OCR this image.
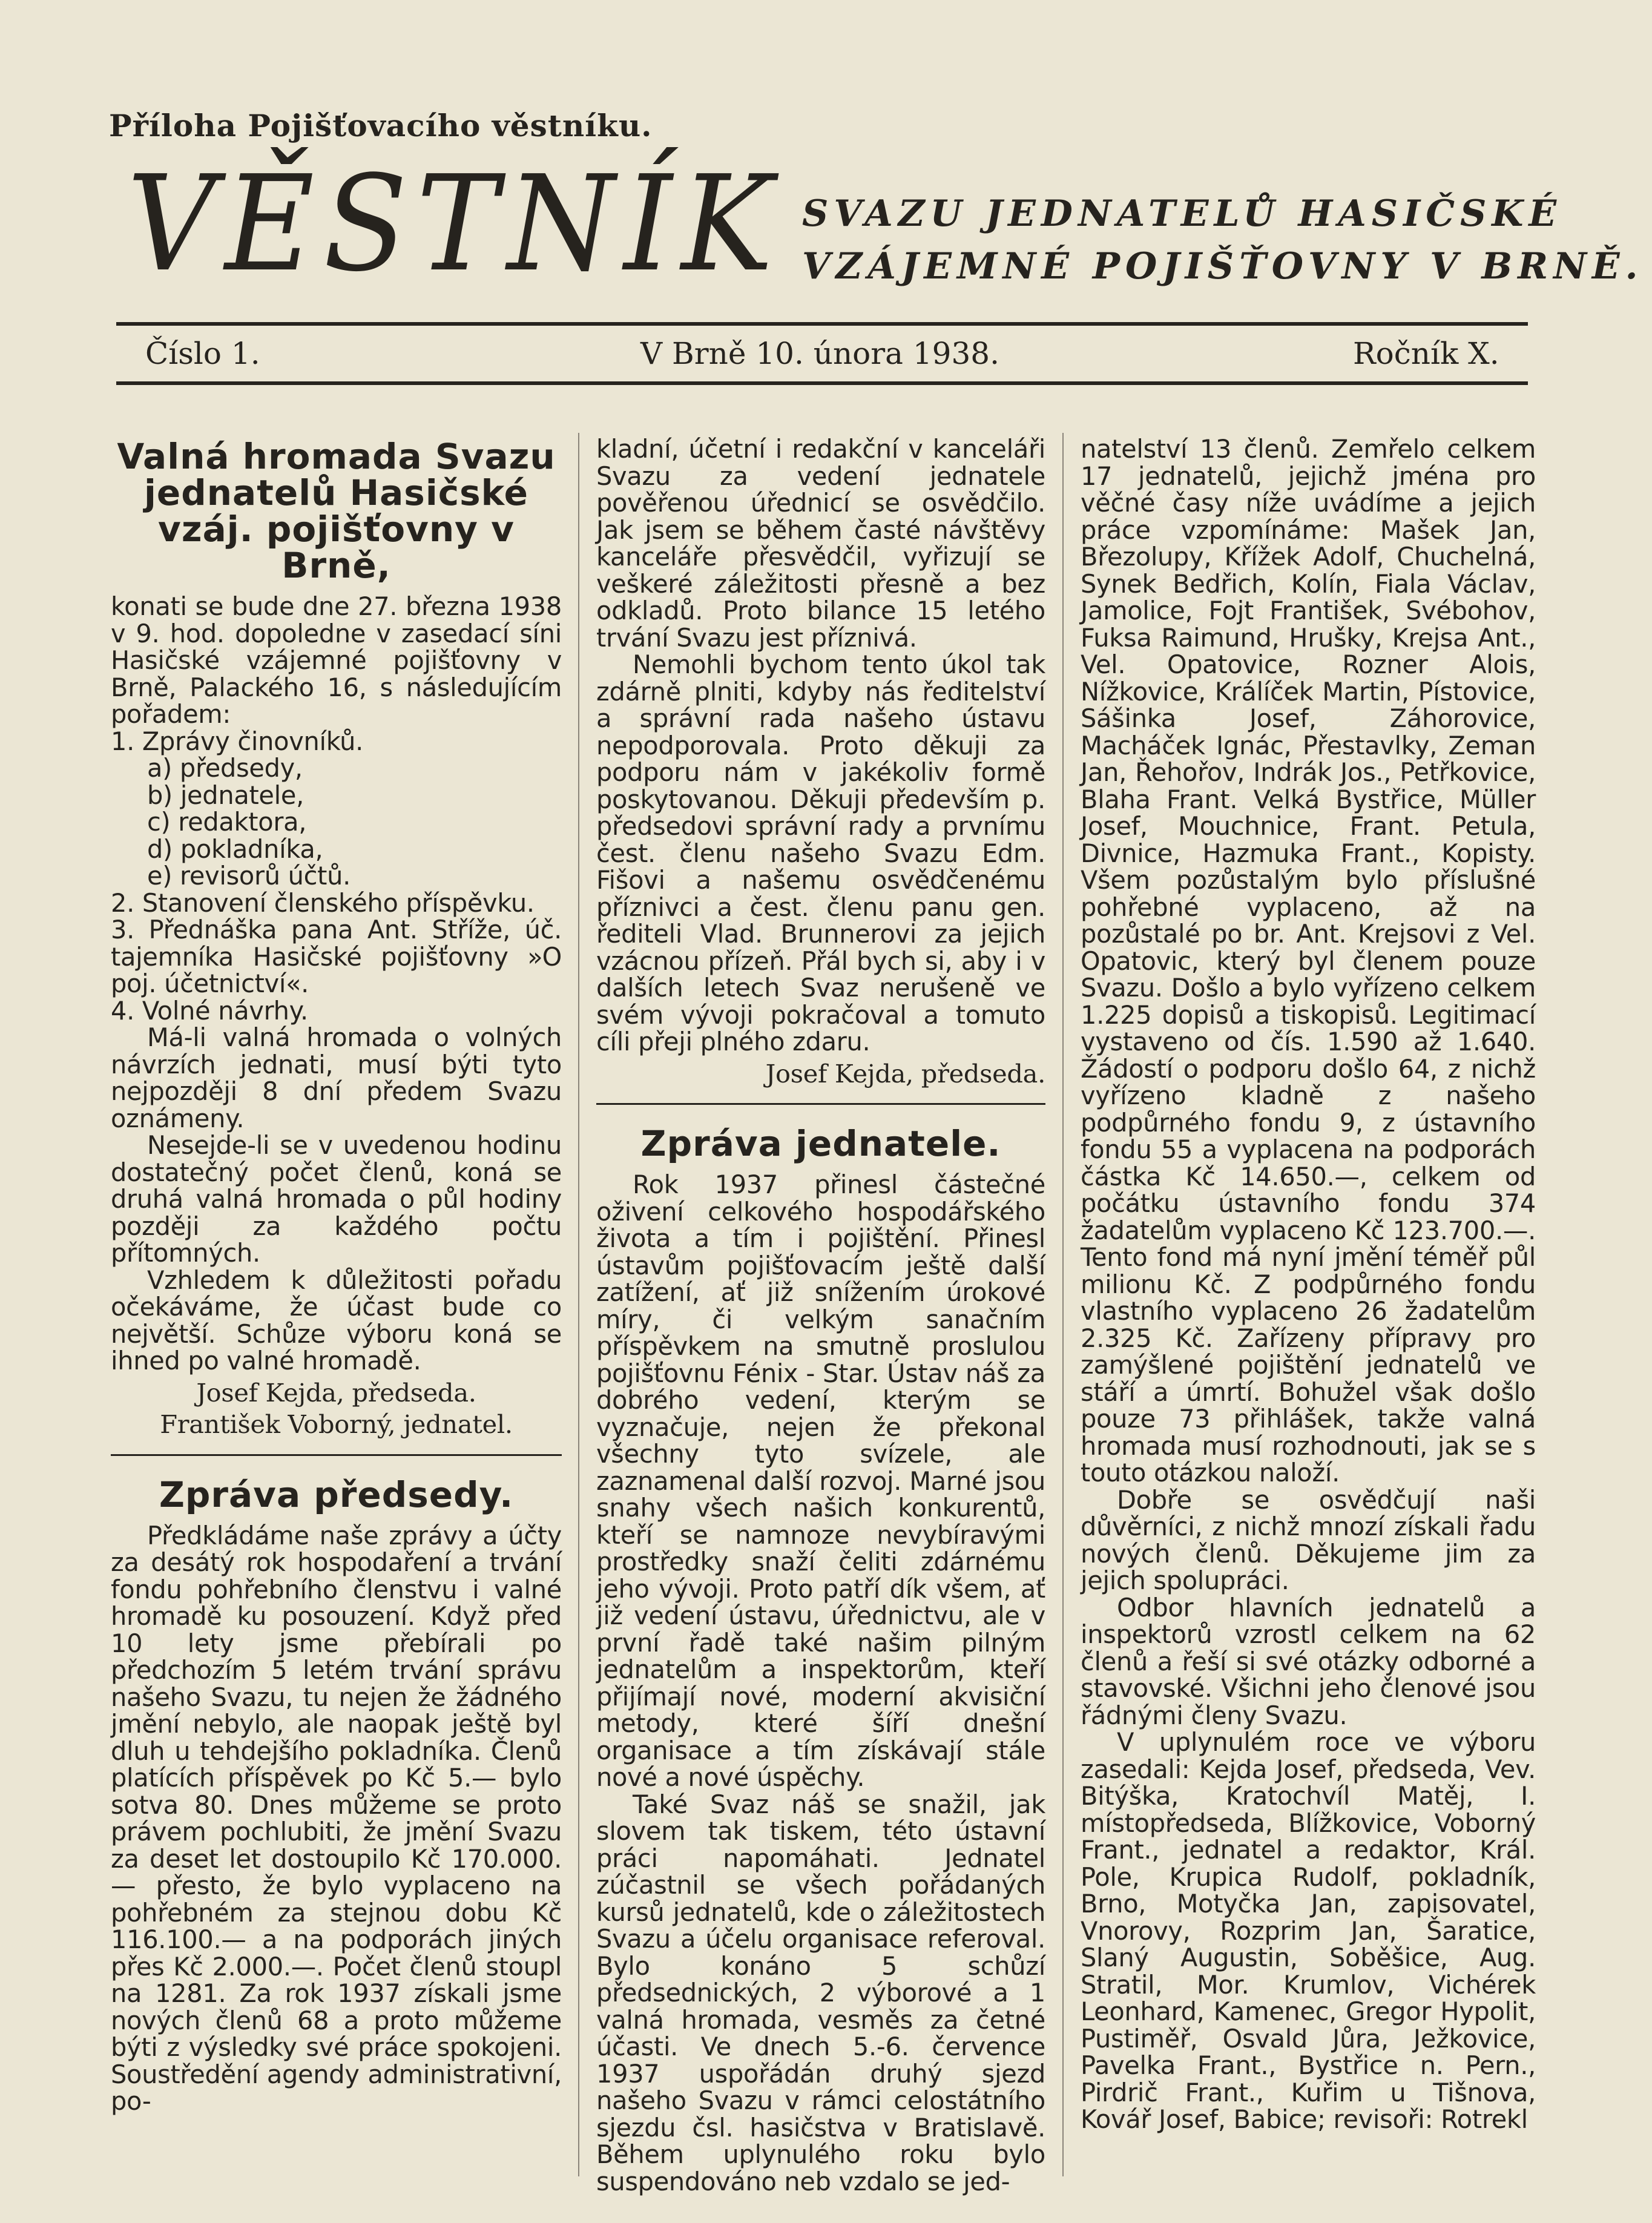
Příloha Pojišťovacího věstníku.
VĚSTNÍK SVAZU JEDNATELŮ HASIČSKÉ
VZÁJEMNÉ POJIŠŤOVNY V BRNĚ.
Číslo 1.	V Brně 10. února 1938.	Ročník X.
Valná hromada Svazu jednatelů Hasičské vzáj. pojišťovny v Brně,

konati se bude dne 27. března 1938 v 9. hod. dopoledne v zasedací síni Hasičské vzájemné pojišťovny v Brně, Palackého 16, s následujícím pořadem:

1. Zprávy činovníků.
a) předsedy,
b) jednatele,
c) redaktora,
d) pokladníka,
e) revisorů účtů.
2. Stanovení členského příspěvku.
3. Přednáška pana Ant. Stříže, úč. tajemníka Hasičské pojišťovny »O poj. účetnictví«.
4. Volné návrhy.

Má-li valná hromada o volných návrzích jednati, musí býti tyto nejpozději 8 dní předem Svazu oznámeny.

Nesejde-li se v uvedenou hodinu dostatečný počet členů, koná se druhá valná hromada o půl hodiny později za každého počtu přítomných.

Vzhledem k důležitosti pořadu očekáváme, že účast bude co největší. Schůze výboru koná se ihned po valné hromadě.

Josef Kejda, předseda.
František Voborný, jednatel.
Zpráva předsedy.

Předkládáme naše zprávy a účty za desátý rok hospodaření a trvání fondu pohřebního členstvu i valné hromadě ku posouzení. Když před 10 lety jsme přebírali po předchozím 5 letém trvání správu našeho Svazu, tu nejen že žádného jmění nebylo, ale naopak ještě byl dluh u tehdejšího pokladníka. Členů platících příspěvek po Kč 5.— bylo sotva 80. Dnes můžeme se proto právem pochlubiti, že jmění Svazu za deset let dostoupilo Kč 170.000.— přesto, že bylo vyplaceno na pohřebném za stejnou dobu Kč 116.100.— a na podporách jiných přes Kč 2.000.—. Počet členů stoupl na 1281. Za rok 1937 získali jsme nových členů 68 a proto můžeme býti z výsledky své práce spokojeni. Soustředění agendy administrativní, po-

kladní, účetní i redakční v kanceláři Svazu za vedení jednatele pověřenou úřednicí se osvědčilo. Jak jsem se během časté návštěvy kanceláře přesvědčil, vyřizují se veškeré záležitosti přesně a bez odkladů. Proto bilance 15 letého trvání Svazu jest příznivá.

Nemohli bychom tento úkol tak zdárně plniti, kdyby nás ředitelství a správní rada našeho ústavu nepodporovala. Proto děkuji za podporu nám v jakékoliv formě poskytovanou. Děkuji především p. předsedovi správní rady a prvnímu čest. členu našeho Svazu Edm. Fišovi a našemu osvědčenému příznivci a čest. členu panu gen. řediteli Vlad. Brunnerovi za jejich vzácnou přízeň. Přál bych si, aby i v dalších letech Svaz nerušeně ve svém vývoji pokračoval a tomuto cíli přeji plného zdaru.

Josef Kejda, předseda.
Zpráva jednatele.

Rok 1937 přinesl částečné oživení celkového hospodářského života a tím i pojištění. Přinesl ústavům pojišťovacím ještě další zatížení, ať již snížením úrokové míry, či velkým sanačním příspěvkem na smutně proslulou pojišťovnu Fénix - Star. Ústav náš za dobrého vedení, kterým se vyznačuje, nejen že překonal všechny tyto svízele, ale zaznamenal další rozvoj. Marné jsou snahy všech našich konkurentů, kteří se namnoze nevybíravými prostředky snaží čeliti zdárnému jeho vývoji. Proto patří dík všem, ať již vedení ústavu, úřednictvu, ale v první řadě také našim pilným jednatelům a inspektorům, kteří přijímají nové, moderní akvisiční metody, které šíří dnešní organisace a tím získávají stále nové a nové úspěchy.

Také Svaz náš se snažil, jak slovem tak tiskem, této ústavní práci napomáhati. Jednatel zúčastnil se všech pořádaných kursů jednatelů, kde o záležitostech Svazu a účelu organisace referoval. Bylo konáno 5 schůzí předsednických, 2 výborové a 1 valná hromada, vesměs za četné účasti. Ve dnech 5.-6. července 1937 uspořádán druhý sjezd našeho Svazu v rámci celostátního sjezdu čsl. hasičstva v Bratislavě. Během uplynulého roku bylo suspendováno neb vzdalo se jed-

natelství 13 členů. Zemřelo celkem 17 jednatelů, jejichž jména pro věčné časy níže uvádíme a jejich práce vzpomínáme: Mašek Jan, Březolupy, Křížek Adolf, Chuchelná, Synek Bedřich, Kolín, Fiala Václav, Jamolice, Fojt František, Svébohov, Fuksa Raimund, Hrušky, Krejsa Ant., Vel. Opatovice, Rozner Alois, Nížkovice, Králíček Martin, Pístovice, Sášinka Josef, Záhorovice, Macháček Ignác, Přestavlky, Zeman Jan, Řehořov, Indrák Jos., Petřkovice, Blaha Frant. Velká Bystřice, Müller Josef, Mouchnice, Frant. Petula, Divnice, Hazmuka Frant., Kopisty. Všem pozůstalým bylo příslušné pohřebné vyplaceno, až na pozůstalé po br. Ant. Krejsovi z Vel. Opatovic, který byl členem pouze Svazu. Došlo a bylo vyřízeno celkem 1.225 dopisů a tiskopisů. Legitimací vystaveno od čís. 1.590 až 1.640. Žádostí o podporu došlo 64, z nichž vyřízeno kladně z našeho podpůrného fondu 9, z ústavního fondu 55 a vyplacena na podporách částka Kč 14.650.—, celkem od počátku ústavního fondu 374 žadatelům vyplaceno Kč 123.700.—. Tento fond má nyní jmění téměř půl milionu Kč. Z podpůrného fondu vlastního vyplaceno 26 žadatelům 2.325 Kč. Zařízeny přípravy pro zamýšlené pojištění jednatelů ve stáří a úmrtí. Bohužel však došlo pouze 73 přihlášek, takže valná hromada musí rozhodnouti, jak se s touto otázkou naloží.

Dobře se osvědčují naši důvěrníci, z nichž mnozí získali řadu nových členů. Děkujeme jim za jejich spolupráci.

Odbor hlavních jednatelů a inspektorů vzrostl celkem na 62 členů a řeší si své otázky odborné a stavovské. Všichni jeho členové jsou řádnými členy Svazu.

V uplynulém roce ve výboru zasedali: Kejda Josef, předseda, Vev. Bitýška, Kratochvíl Matěj, I. místopředseda, Blížkovice, Voborný Frant., jednatel a redaktor, Král. Pole, Krupica Rudolf, pokladník, Brno, Motyčka Jan, zapisovatel, Vnorovy, Rozprim Jan, Šaratice, Slaný Augustin, Soběšice, Aug. Stratil, Mor. Krumlov, Vichérek Leonhard, Kamenec, Gregor Hypolit, Pustiměř, Osvald Jůra, Ježkovice, Pavelka Frant., Bystřice n. Pern., Pirdrič Frant., Kuřim u Tišnova, Kovář Josef, Babice; revisoři: Rotrekl
